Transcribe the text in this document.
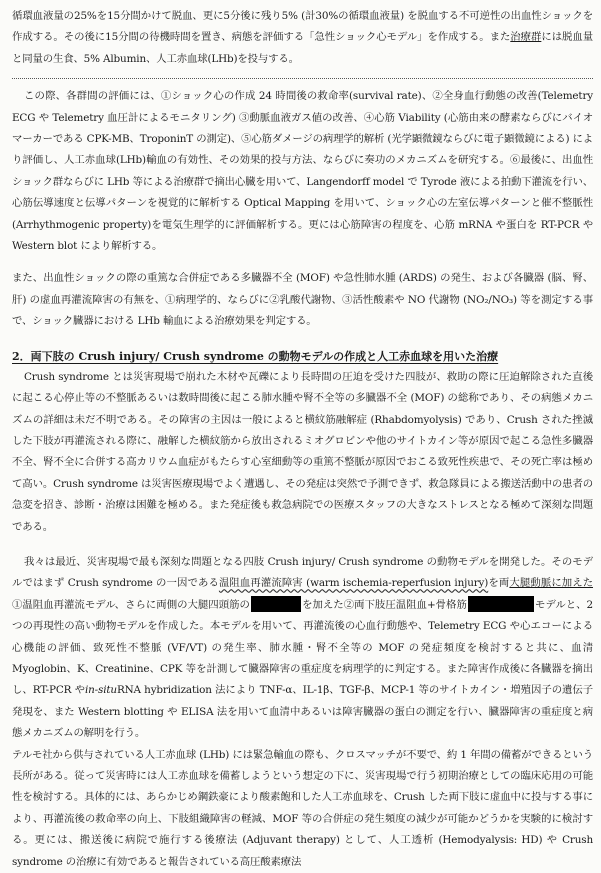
循環血液量の25%を15分間かけて脱血、更に5分後に残り5% (計30%の循環血液量) を脱血する不可逆性の出血性ショックを作成する。その後に15分間の待機時間を置き、病態を評価する「急性ショック心モデル」を作成する。また治療群には脱血量と同量の生食、5% Albumin、人工赤血球(LHb)を投与する。

この際、各群間の評価には、①ショック心の作成 24 時間後の救命率(survival rate)、②全身血行動態の改善(Telemetry ECG や Telemetry 血圧計によるモニタリング) ③動脈血液ガス値の改善、④心筋 Viability (心筋由来の酵素ならびにバイオマーカーである CPK-MB、TroponinT の測定)、⑤心筋ダメージの病理学的解析 (光学顕微鏡ならびに電子顕微鏡による) により評価し、人工赤血球(LHb)輸血の有効性、その効果的投与方法、ならびに奏功のメカニズムを研究する。⑥最後に、出血性ショック群ならびに LHb 等による治療群で摘出心臓を用いて、Langendorff model で Tyrode 液による拍動下灌流を行い、心筋伝導速度と伝導パターンを視覚的に解析する Optical Mapping を用いて、ショック心の左室伝導パターンと催不整脈性(Arrhythmogenic property)を電気生理学的に評価解析する。更には心筋障害の程度を、心筋 mRNA や蛋白を RT-PCR や Western blot により解析する。

また、出血性ショックの際の重篤な合併症である多臓器不全 (MOF) や急性肺水腫 (ARDS) の発生、および各臓器 (脳、腎、肝) の虚血再灌流障害の有無を、①病理学的、ならびに②乳酸代謝物、③活性酸素や NO 代謝物 (NO₂/NO₃) 等を測定する事で、ショック臓器における LHb 輸血による治療効果を判定する。

2．両下肢の Crush injury/ Crush syndrome の動物モデルの作成と人工赤血球を用いた治療

Crush syndrome とは災害現場で崩れた木材や瓦礫により長時間の圧迫を受けた四肢が、救助の際に圧迫解除された直後に起こる心停止等の不整脈あるいは数時間後に起こる肺水腫や腎不全等の多臓器不全 (MOF) の総称であり、その病態メカニズムの詳細は未だ不明である。その障害の主因は一般によると横紋筋融解症 (Rhabdomyolysis) であり、Crush された挫滅した下肢が再灌流される際に、融解した横紋筋から放出されるミオグロビンや他のサイトカイン等が原因で起こる急性多臓器不全、腎不全に合併する高カリウム血症がもたらす心室細動等の重篤不整脈が原因でおこる致死性疾患で、その死亡率は極めて高い。Crush syndrome は災害医療現場でよく遭遇し、その発症は突然で予測できず、救急隊員による搬送活動中の患者の急変を招き、診断・治療は困難を極める。また発症後も救急病院での医療スタッフの大きなストレスとなる極めて深刻な問題である。

我々は最近、災害現場で最も深刻な問題となる四肢 Crush injury/ Crush syndrome の動物モデルを開発した。そのモデルではまず Crush syndrome の一因である温阻血再灌流障害 (warm ischemia-reperfusion injury)を両大腿動脈に加えた①温阻血再灌流モデル、さらに両側の大腿四頭筋の	を加えた②両下肢圧温阻血+骨格筋	モデルと、2 つの再現性の高い動物モデルを作成した。本モデルを用いて、再灌流後の心血行動態や、Telemetry ECG や心エコーによる心機能の評価、致死性不整脈 (VF/VT) の発生率、肺水腫・腎不全等の MOF の発症頻度を検討すると共に、血清 Myoglobin、K、Creatinine、CPK 等を計測して臓器障害の重症度を病理学的に判定する。また障害作成後に各臓器を摘出し、RT-PCR やin-situRNA hybridization 法により TNF-α、IL-1β、TGF-β、MCP-1 等のサイトカイン・増殖因子の遺伝子発現を、また Western blotting や ELISA 法を用いて血清中あるいは障害臓器の蛋白の測定を行い、臓器障害の重症度と病態メカニズムの解明を行う。

テルモ社から供与されている人工赤血球 (LHb) には緊急輸血の際も、クロスマッチが不要で、約 1 年間の備蓄ができるという長所がある。従って災害時には人工赤血球を備蓄しようという想定の下に、災害現場で行う初期治療としての臨床応用の可能性を検討する。具体的には、あらかじめ鋼鉄豪により酸素飽和した人工赤血球を、Crush した両下肢に虚血中に投与する事により、再灌流後の救命率の向上、下肢組織障害の軽減、MOF 等の合併症の発生頻度の減少が可能かどうかを実験的に検討する。更には、搬送後に病院で施行する後療法 (Adjuvant therapy) として、人工透析 (Hemodyalysis: HD) や Crush syndrome の治療に有効であると報告されている高圧酸素療法
